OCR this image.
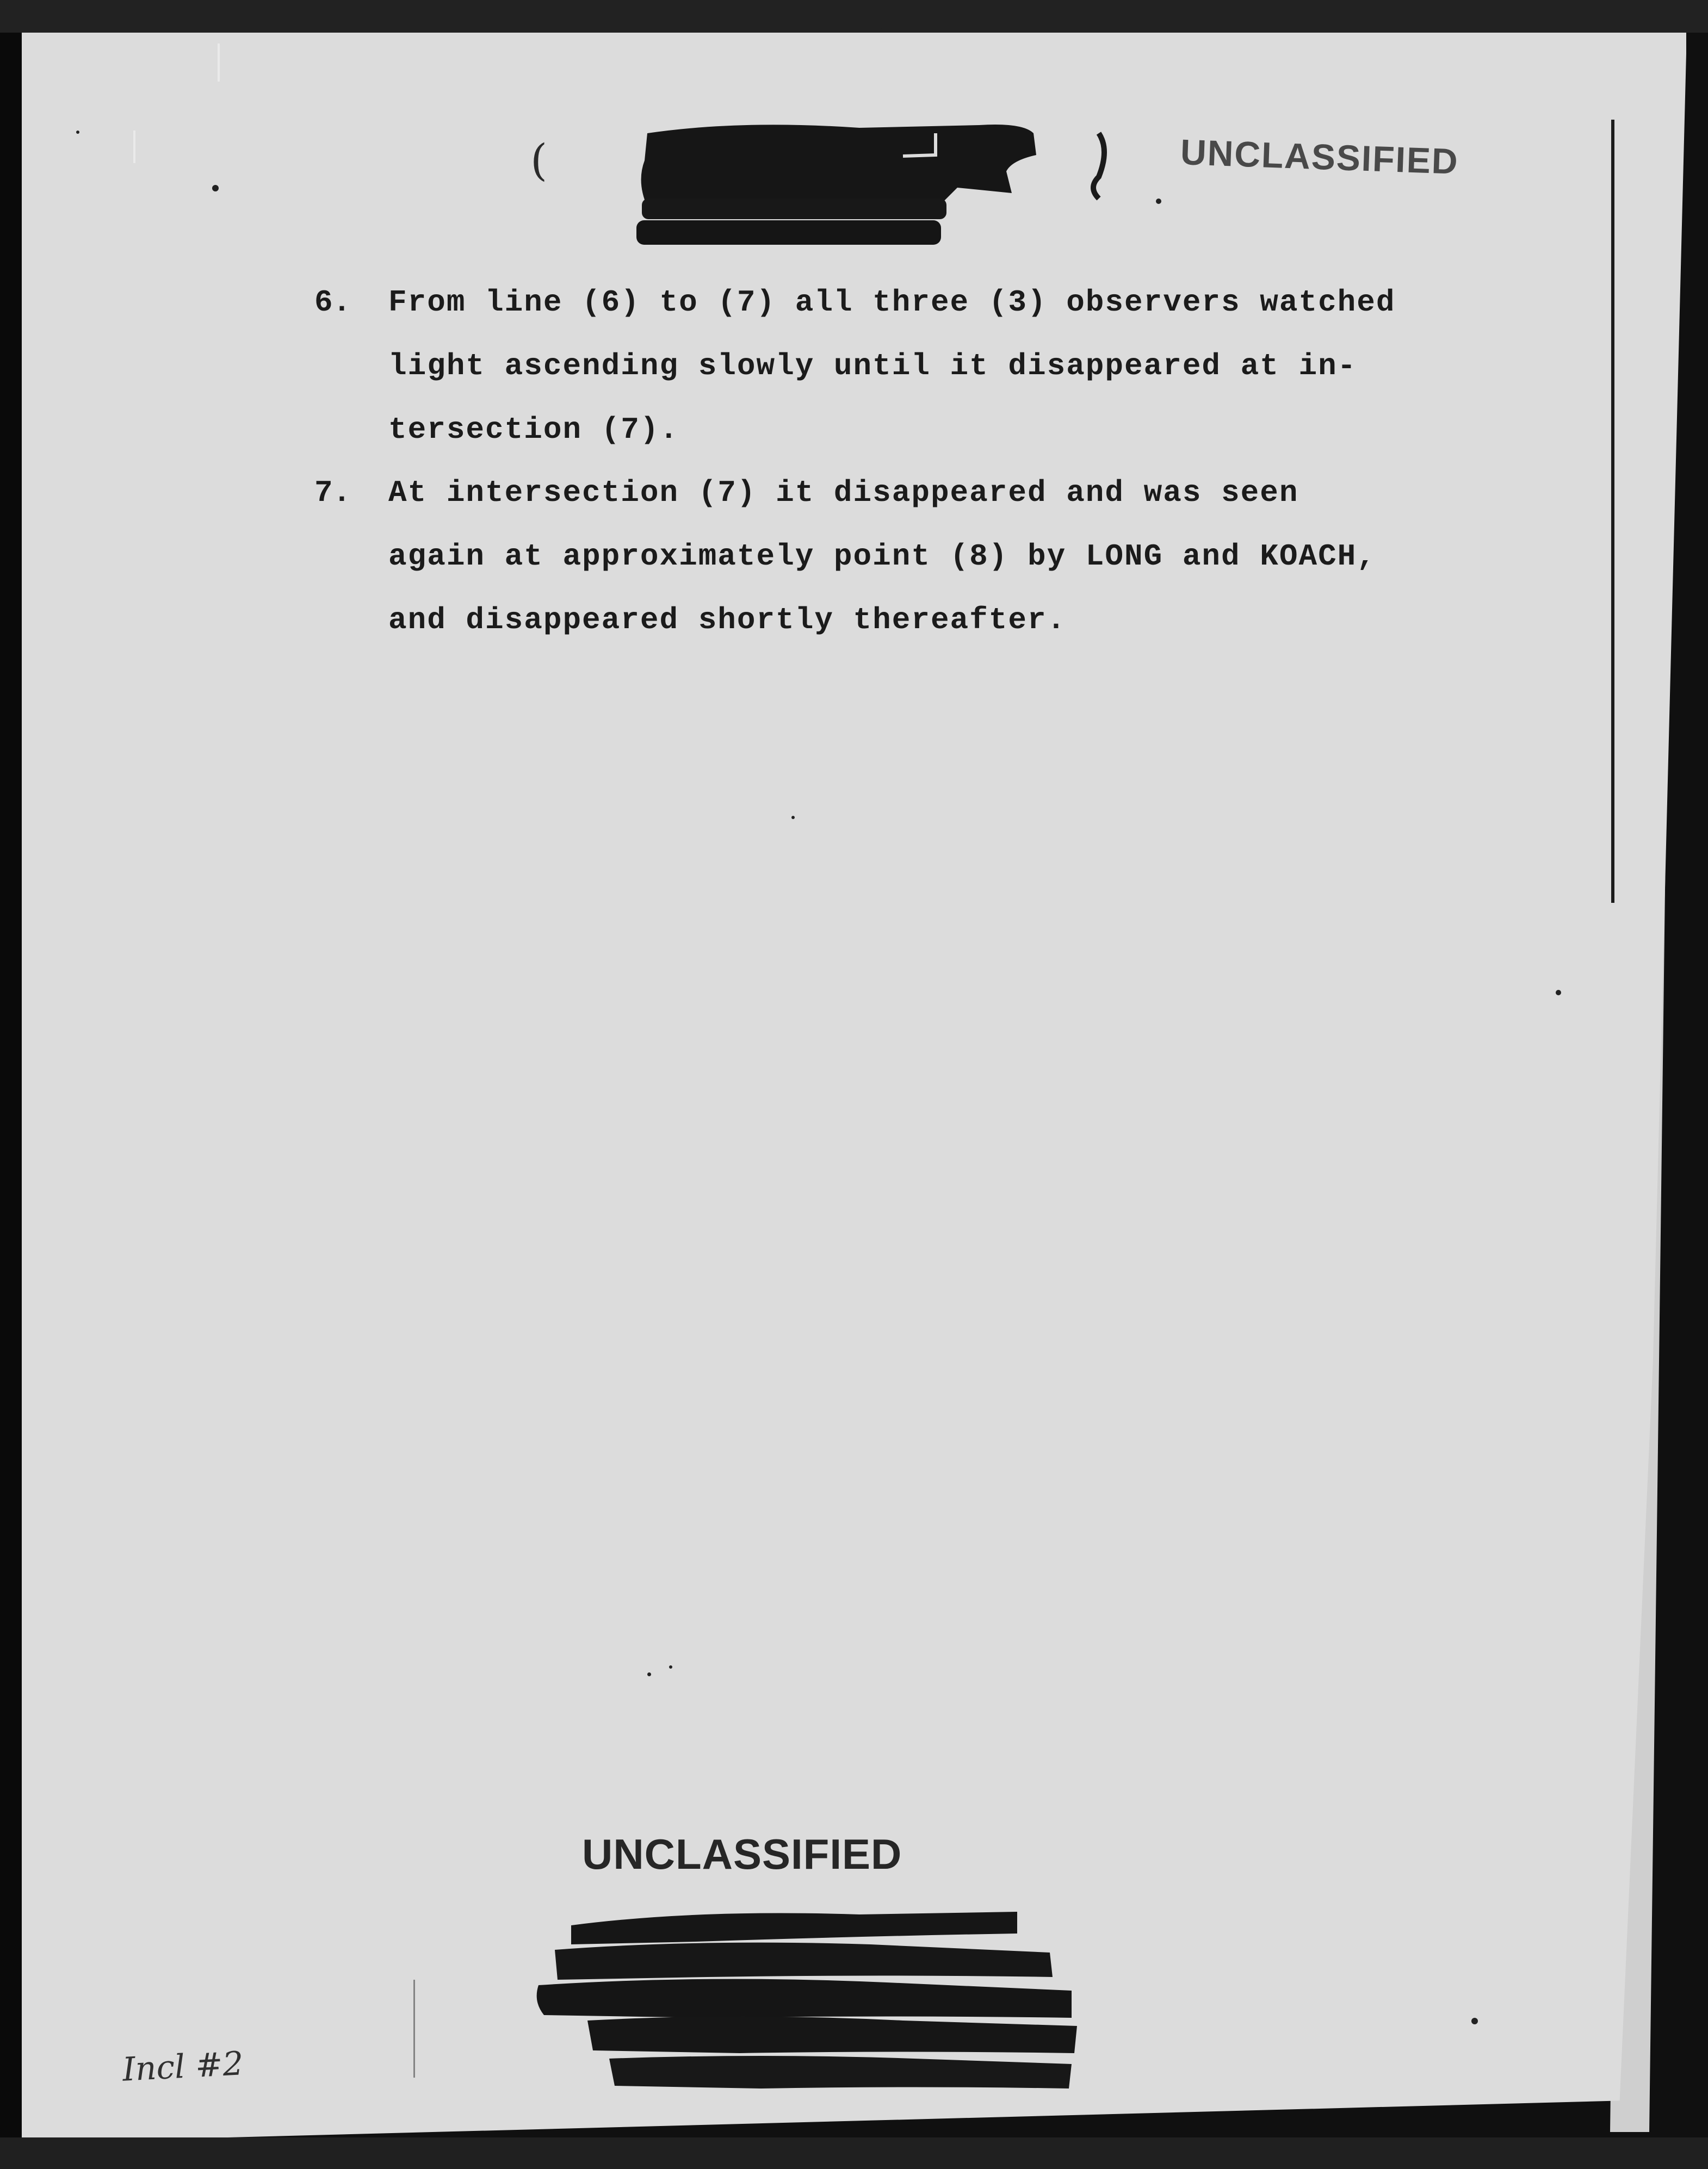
(	UNCLASSIFIED
6. From line (6) to (7) all three (3) observers watched
light ascending slowly until it disappeared at in-
tersection (7).
7. At intersection (7) it disappeared and was seen
again at approximately point (8) by LONG and KOACH,
and disappeared shortly thereafter.
UNCLASSIFIED
Incl #2
